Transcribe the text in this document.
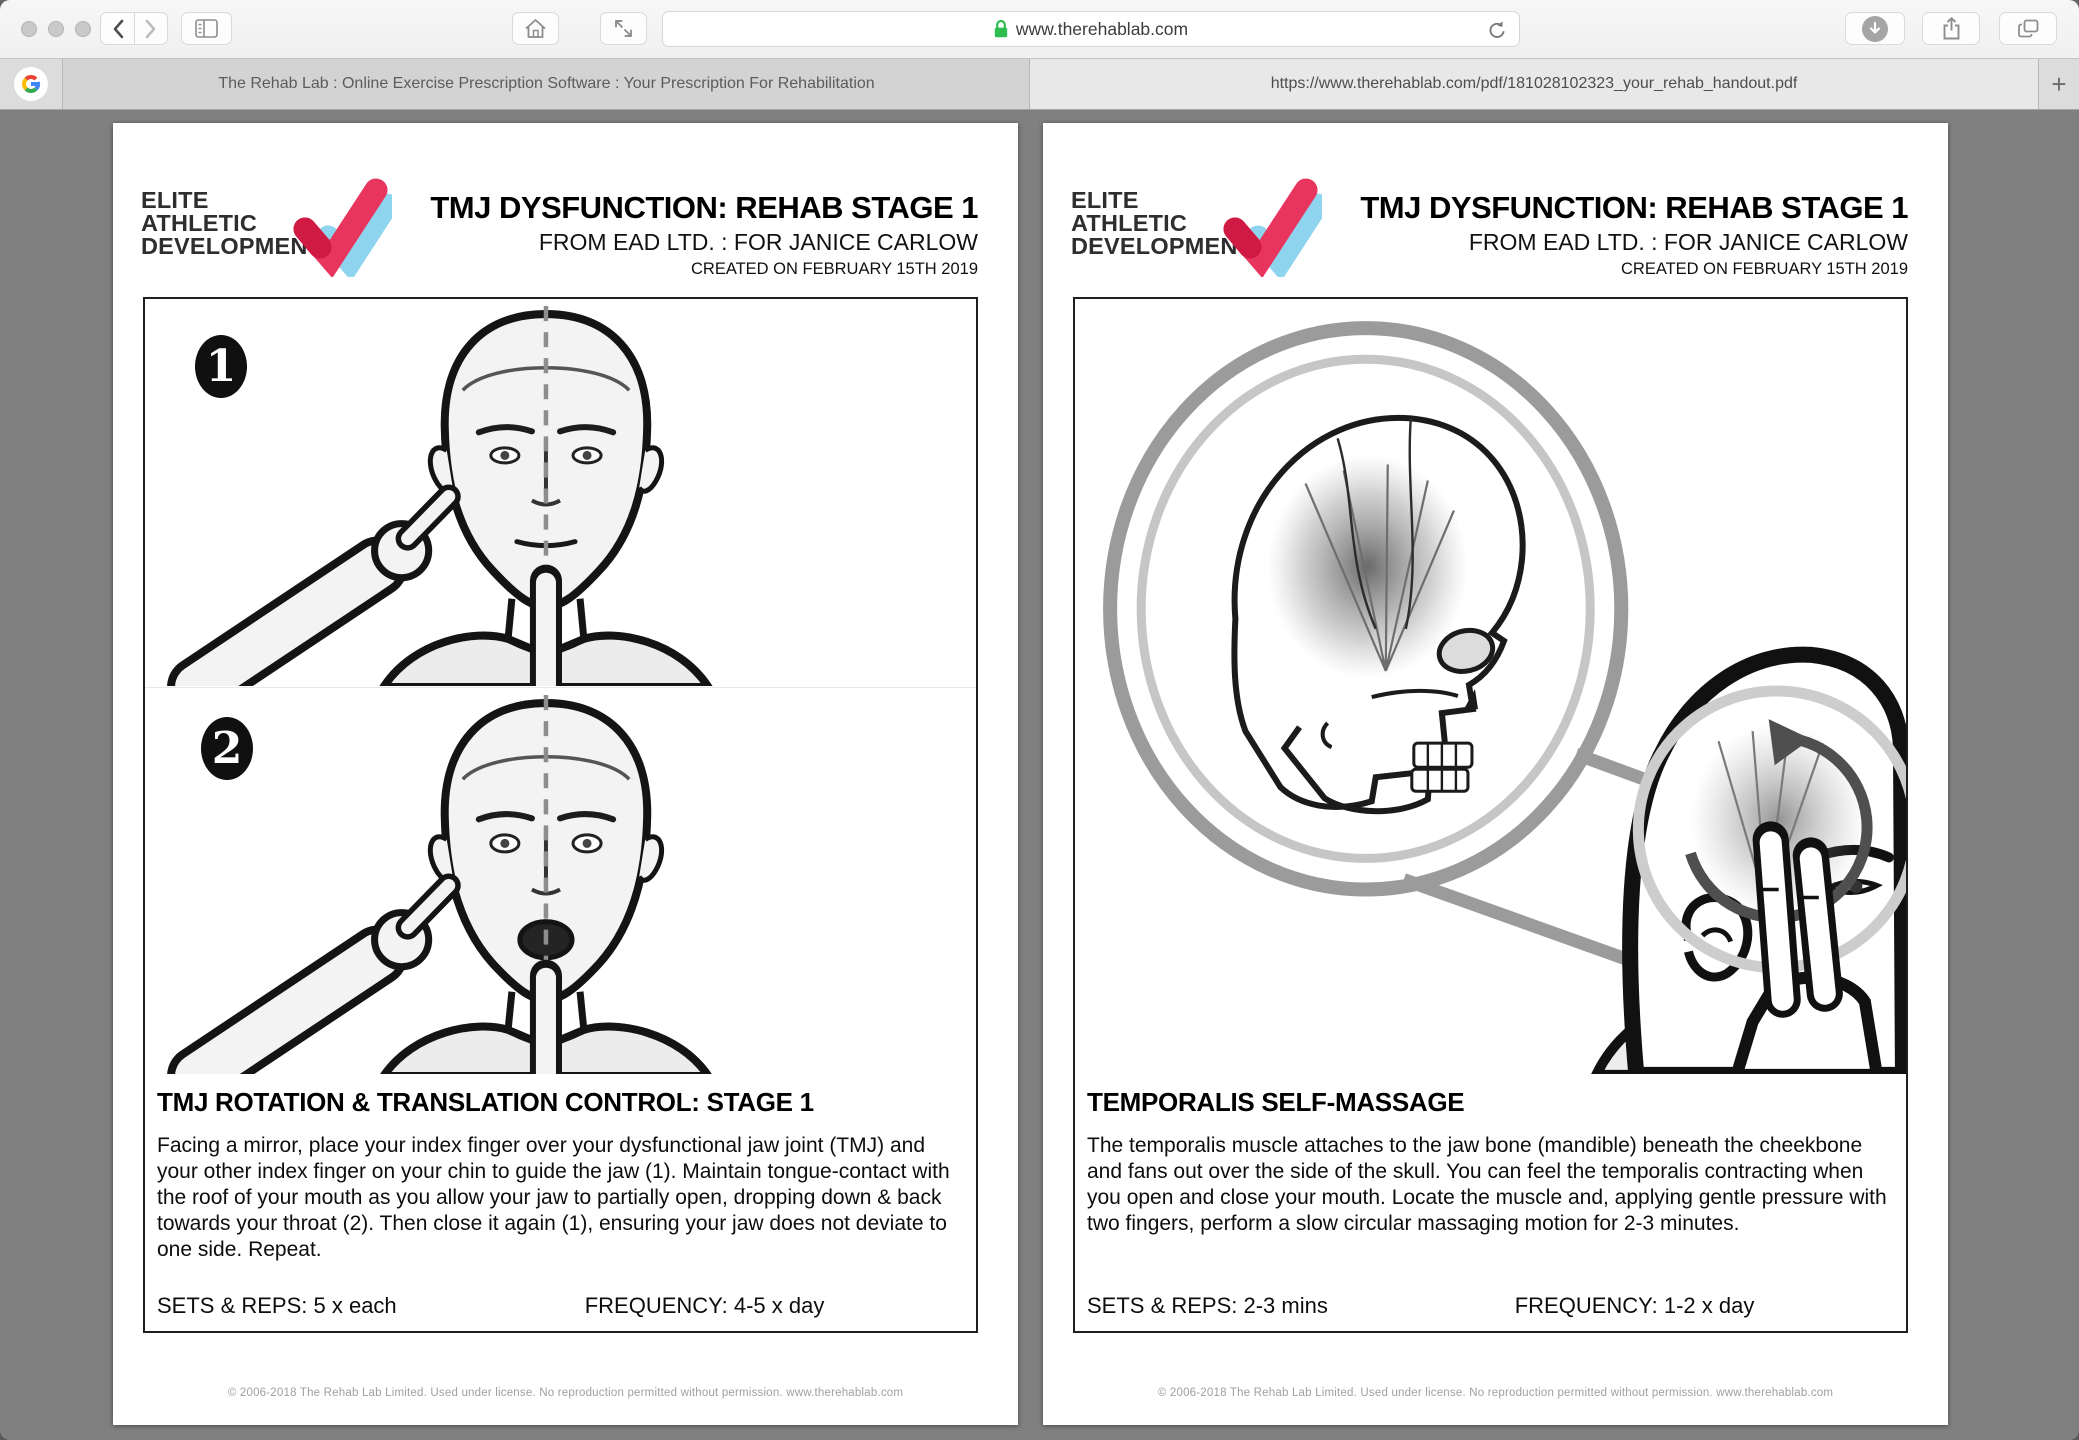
www.therehablab.com
The Rehab Lab : Online Exercise Prescription Software : Your Prescription For Rehabilitation	https://www.therehablab.com/pdf/181028102323_your_rehab_handout.pdf	+
ELITE
ATHLETIC
DEVELOPMENT
TMJ DYSFUNCTION: REHAB STAGE 1
FROM EAD LTD. : FOR JANICE CARLOW
CREATED ON FEBRUARY 15TH 2019
1
2
TMJ ROTATION & TRANSLATION CONTROL: STAGE 1
Facing a mirror, place your index finger over your dysfunctional jaw joint (TMJ) and your other index finger on your chin to guide the jaw (1). Maintain tongue-contact with the roof of your mouth as you allow your jaw to partially open, dropping down & back towards your throat (2). Then close it again (1), ensuring your jaw does not deviate to one side. Repeat.
SETS & REPS: 5 x each	FREQUENCY: 4-5 x day
© 2006-2018 The Rehab Lab Limited. Used under license. No reproduction permitted without permission. www.therehablab.com
ELITE
ATHLETIC
DEVELOPMENT
TMJ DYSFUNCTION: REHAB STAGE 1
FROM EAD LTD. : FOR JANICE CARLOW
CREATED ON FEBRUARY 15TH 2019
TEMPORALIS SELF-MASSAGE
The temporalis muscle attaches to the jaw bone (mandible) beneath the cheekbone and fans out over the side of the skull. You can feel the temporalis contracting when you open and close your mouth. Locate the muscle and, applying gentle pressure with two fingers, perform a slow circular massaging motion for 2-3 minutes.
SETS & REPS: 2-3 mins	FREQUENCY: 1-2 x day
© 2006-2018 The Rehab Lab Limited. Used under license. No reproduction permitted without permission. www.therehablab.com
